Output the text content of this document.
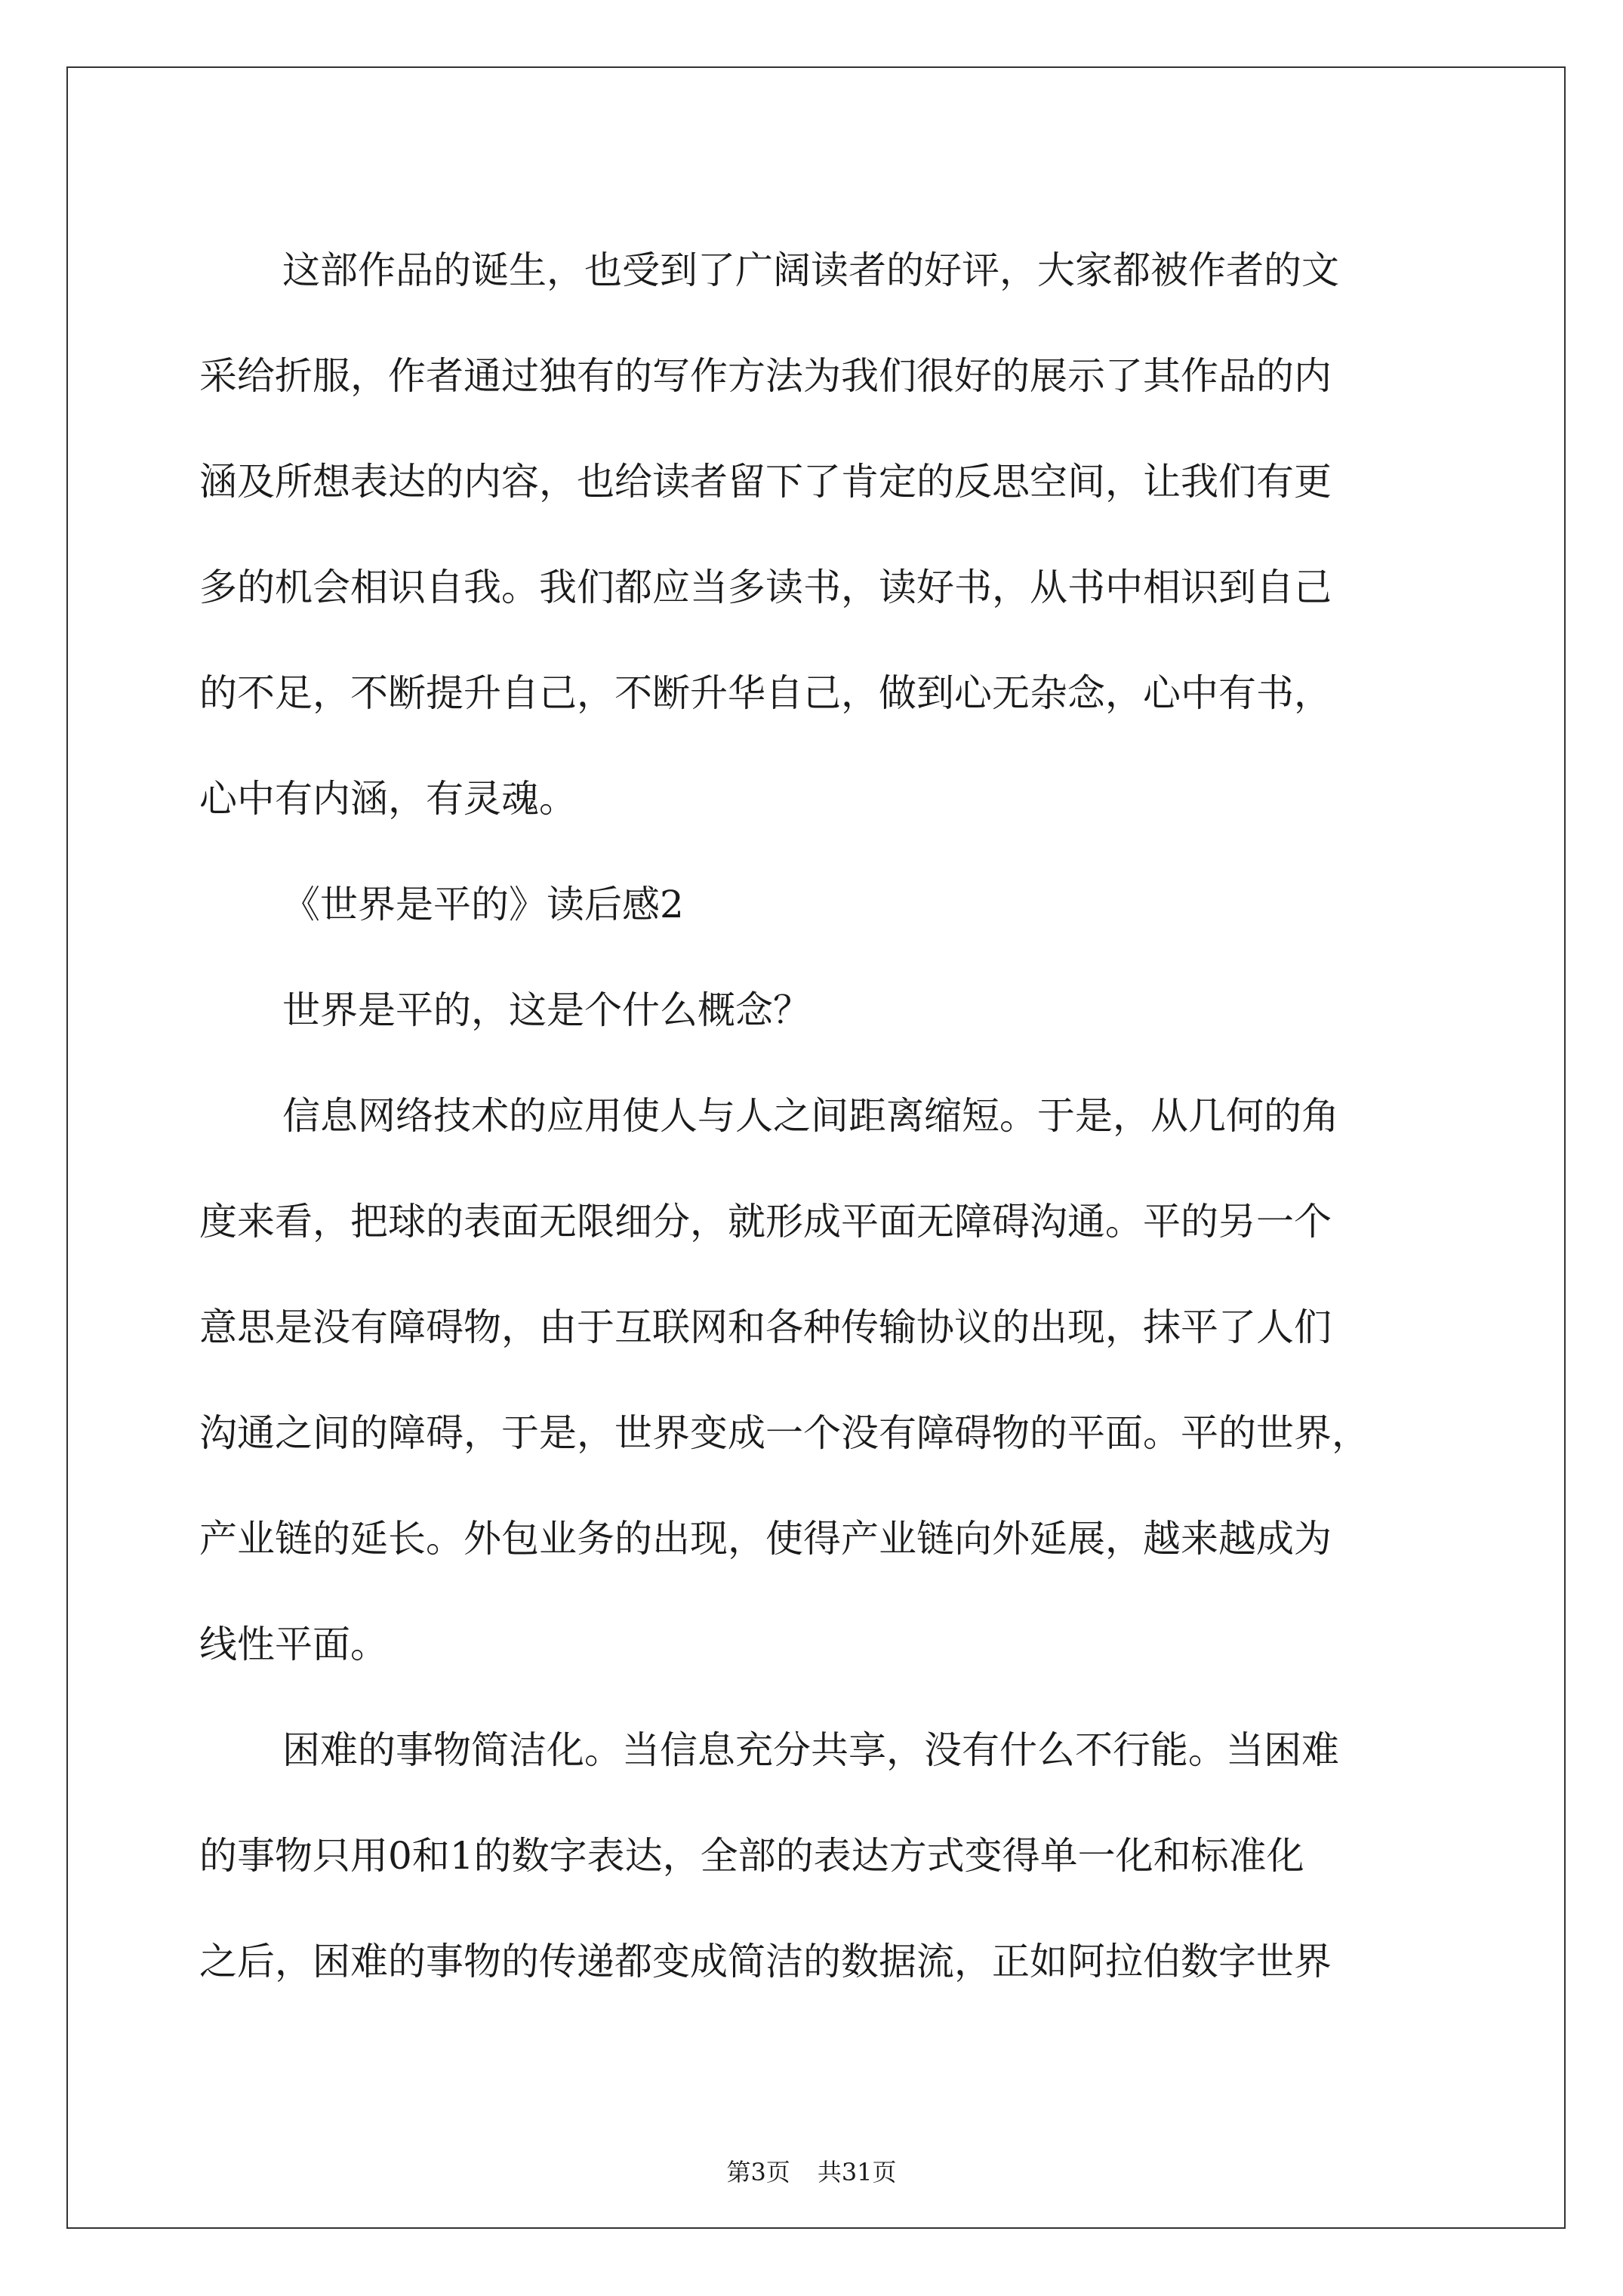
这部作品的诞生，也受到了广阔读者的好评，大家都被作者的文
采给折服，作者通过独有的写作方法为我们很好的展示了其作品的内
涵及所想表达的内容，也给读者留下了肯定的反思空间，让我们有更
多的机会相识自我。我们都应当多读书，读好书，从书中相识到自己
的不足，不断提升自己，不断升华自己，做到心无杂念，心中有书，
心中有内涵，有灵魂。
《世界是平的》读后感2
世界是平的，这是个什么概念？
信息网络技术的应用使人与人之间距离缩短。于是，从几何的角
度来看，把球的表面无限细分，就形成平面无障碍沟通。平的另一个
意思是没有障碍物，由于互联网和各种传输协议的出现，抹平了人们
沟通之间的障碍，于是，世界变成一个没有障碍物的平面。平的世界，
产业链的延长。外包业务的出现，使得产业链向外延展，越来越成为
线性平面。
困难的事物简洁化。当信息充分共享，没有什么不行能。当困难
的事物只用0和1的数字表达，全部的表达方式变得单一化和标准化
之后，困难的事物的传递都变成简洁的数据流，正如阿拉伯数字世界
第3页 共31页
